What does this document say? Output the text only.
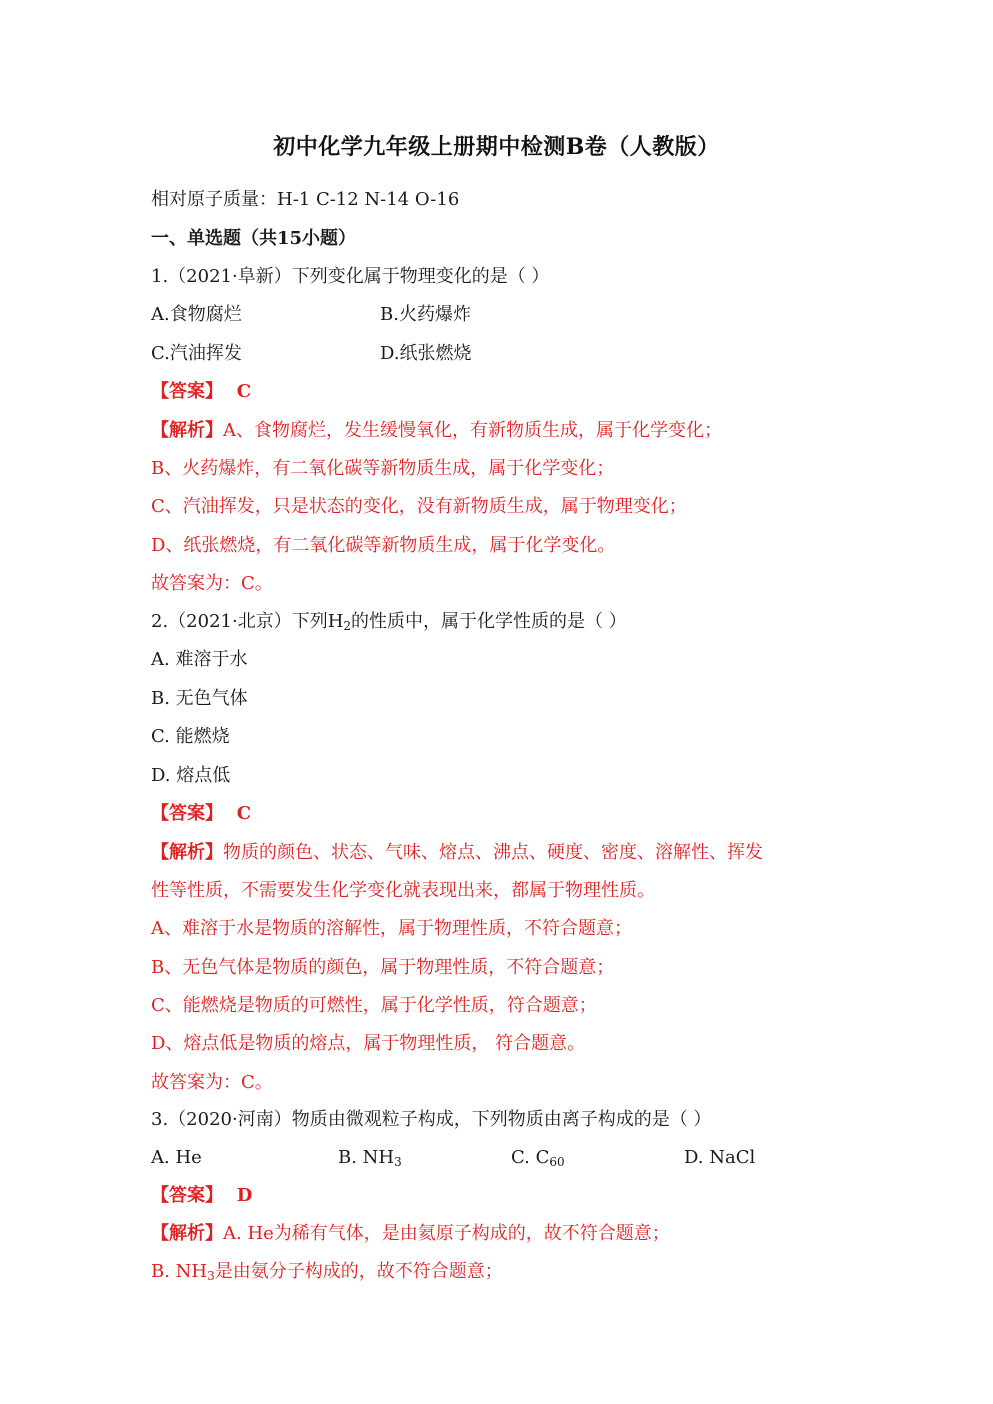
初中化学九年级上册期中检测B卷（人教版）
相对原子质量：H-1 C-12 N-14 O-16
一、单选题（共15小题）
1.（2021·阜新）下列变化属于物理变化的是（ ）
A.食物腐烂	B.火药爆炸
C.汽油挥发	D.纸张燃烧
【答案】 C
【解析】A、食物腐烂，发生缓慢氧化，有新物质生成，属于化学变化；
B、火药爆炸，有二氧化碳等新物质生成，属于化学变化；
C、汽油挥发，只是状态的变化，没有新物质生成，属于物理变化；
D、纸张燃烧，有二氧化碳等新物质生成，属于化学变化。
故答案为：C。
2.（2021·北京）下列$H_2$的性质中，属于化学性质的是（ ）
A. 难溶于水
B. 无色气体
C. 能燃烧
D. 熔点低
【答案】 C
【解析】物质的颜色、状态、气味、熔点、沸点、硬度、密度、溶解性、挥发
性等性质，不需要发生化学变化就表现出来，都属于物理性质。
A、难溶于水是物质的溶解性，属于物理性质，不符合题意；
B、无色气体是物质的颜色，属于物理性质，不符合题意；
C、能燃烧是物质的可燃性，属于化学性质，符合题意；
D、熔点低是物质的熔点，属于物理性质， 符合题意。
故答案为：C。
3.（2020·河南）物质由微观粒子构成，下列物质由离子构成的是（ ）
A. He	B. $NH_3$	C. $C_{60}$	D. NaCl
【答案】 D
【解析】A. He为稀有气体，是由氦原子构成的，故不符合题意；
B. $NH_3$是由氨分子构成的，故不符合题意；
